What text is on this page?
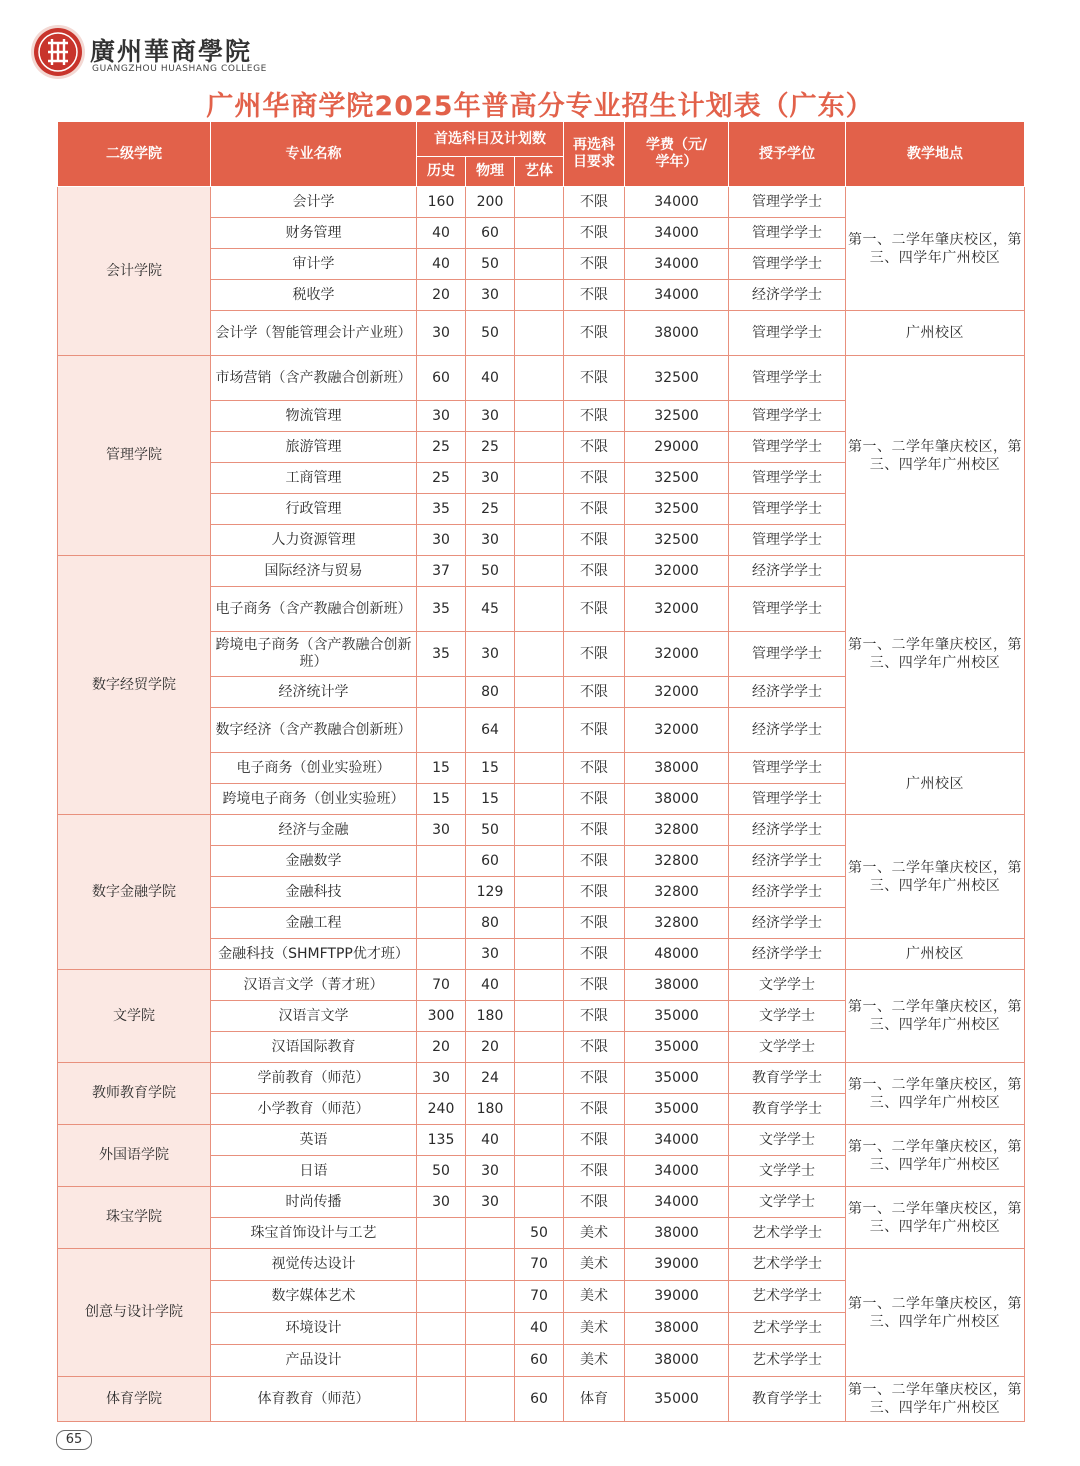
廣州華商學院
GUANGZHOU HUASHANG COLLEGE
广州华商学院2025年普高分专业招生计划表（广东）
二级学院	专业名称	首选科目及计划数			再选科目要求	学费（元/学年）	授予学位	教学地点
		历史	物理	艺体				
会计学院	会计学	160	200		不限	34000	管理学学士	第一、二学年肇庆校区，第三、四学年广州校区
	财务管理	40	60		不限	34000	管理学学士	
	审计学	40	50		不限	34000	管理学学士	
	税收学	20	30		不限	34000	经济学学士	
	会计学（智能管理会计产业班）	30	50		不限	38000	管理学学士	广州校区
管理学院	市场营销（含产教融合创新班）	60	40		不限	32500	管理学学士	第一、二学年肇庆校区，第三、四学年广州校区
	物流管理	30	30		不限	32500	管理学学士	
	旅游管理	25	25		不限	29000	管理学学士	
	工商管理	25	30		不限	32500	管理学学士	
	行政管理	35	25		不限	32500	管理学学士	
	人力资源管理	30	30		不限	32500	管理学学士	
数字经贸学院	国际经济与贸易	37	50		不限	32000	经济学学士	第一、二学年肇庆校区，第三、四学年广州校区
	电子商务（含产教融合创新班）	35	45		不限	32000	管理学学士	
	跨境电子商务（含产教融合创新班）	35	30		不限	32000	管理学学士	
	经济统计学		80		不限	32000	经济学学士	
	数字经济（含产教融合创新班）		64		不限	32000	经济学学士	
	电子商务（创业实验班）	15	15		不限	38000	管理学学士	广州校区
	跨境电子商务（创业实验班）	15	15		不限	38000	管理学学士	
数字金融学院	经济与金融	30	50		不限	32800	经济学学士	第一、二学年肇庆校区，第三、四学年广州校区
	金融数学		60		不限	32800	经济学学士	
	金融科技		129		不限	32800	经济学学士	
	金融工程		80		不限	32800	经济学学士	
	金融科技（SHMFTPP优才班）		30		不限	48000	经济学学士	广州校区
文学院	汉语言文学（菁才班）	70	40		不限	38000	文学学士	第一、二学年肇庆校区，第三、四学年广州校区
	汉语言文学	300	180		不限	35000	文学学士	
	汉语国际教育	20	20		不限	35000	文学学士	
教师教育学院	学前教育（师范）	30	24		不限	35000	教育学学士	第一、二学年肇庆校区，第三、四学年广州校区
	小学教育（师范）	240	180		不限	35000	教育学学士	
外国语学院	英语	135	40		不限	34000	文学学士	第一、二学年肇庆校区，第三、四学年广州校区
	日语	50	30		不限	34000	文学学士	
珠宝学院	时尚传播	30	30		不限	34000	文学学士	第一、二学年肇庆校区，第三、四学年广州校区
	珠宝首饰设计与工艺			50	美术	38000	艺术学学士	
创意与设计学院	视觉传达设计			70	美术	39000	艺术学学士	第一、二学年肇庆校区，第三、四学年广州校区
	数字媒体艺术			70	美术	39000	艺术学学士	
	环境设计			40	美术	38000	艺术学学士	
	产品设计			60	美术	38000	艺术学学士	
体育学院	体育教育（师范）			60	体育	35000	教育学学士	第一、二学年肇庆校区，第三、四学年广州校区
65
